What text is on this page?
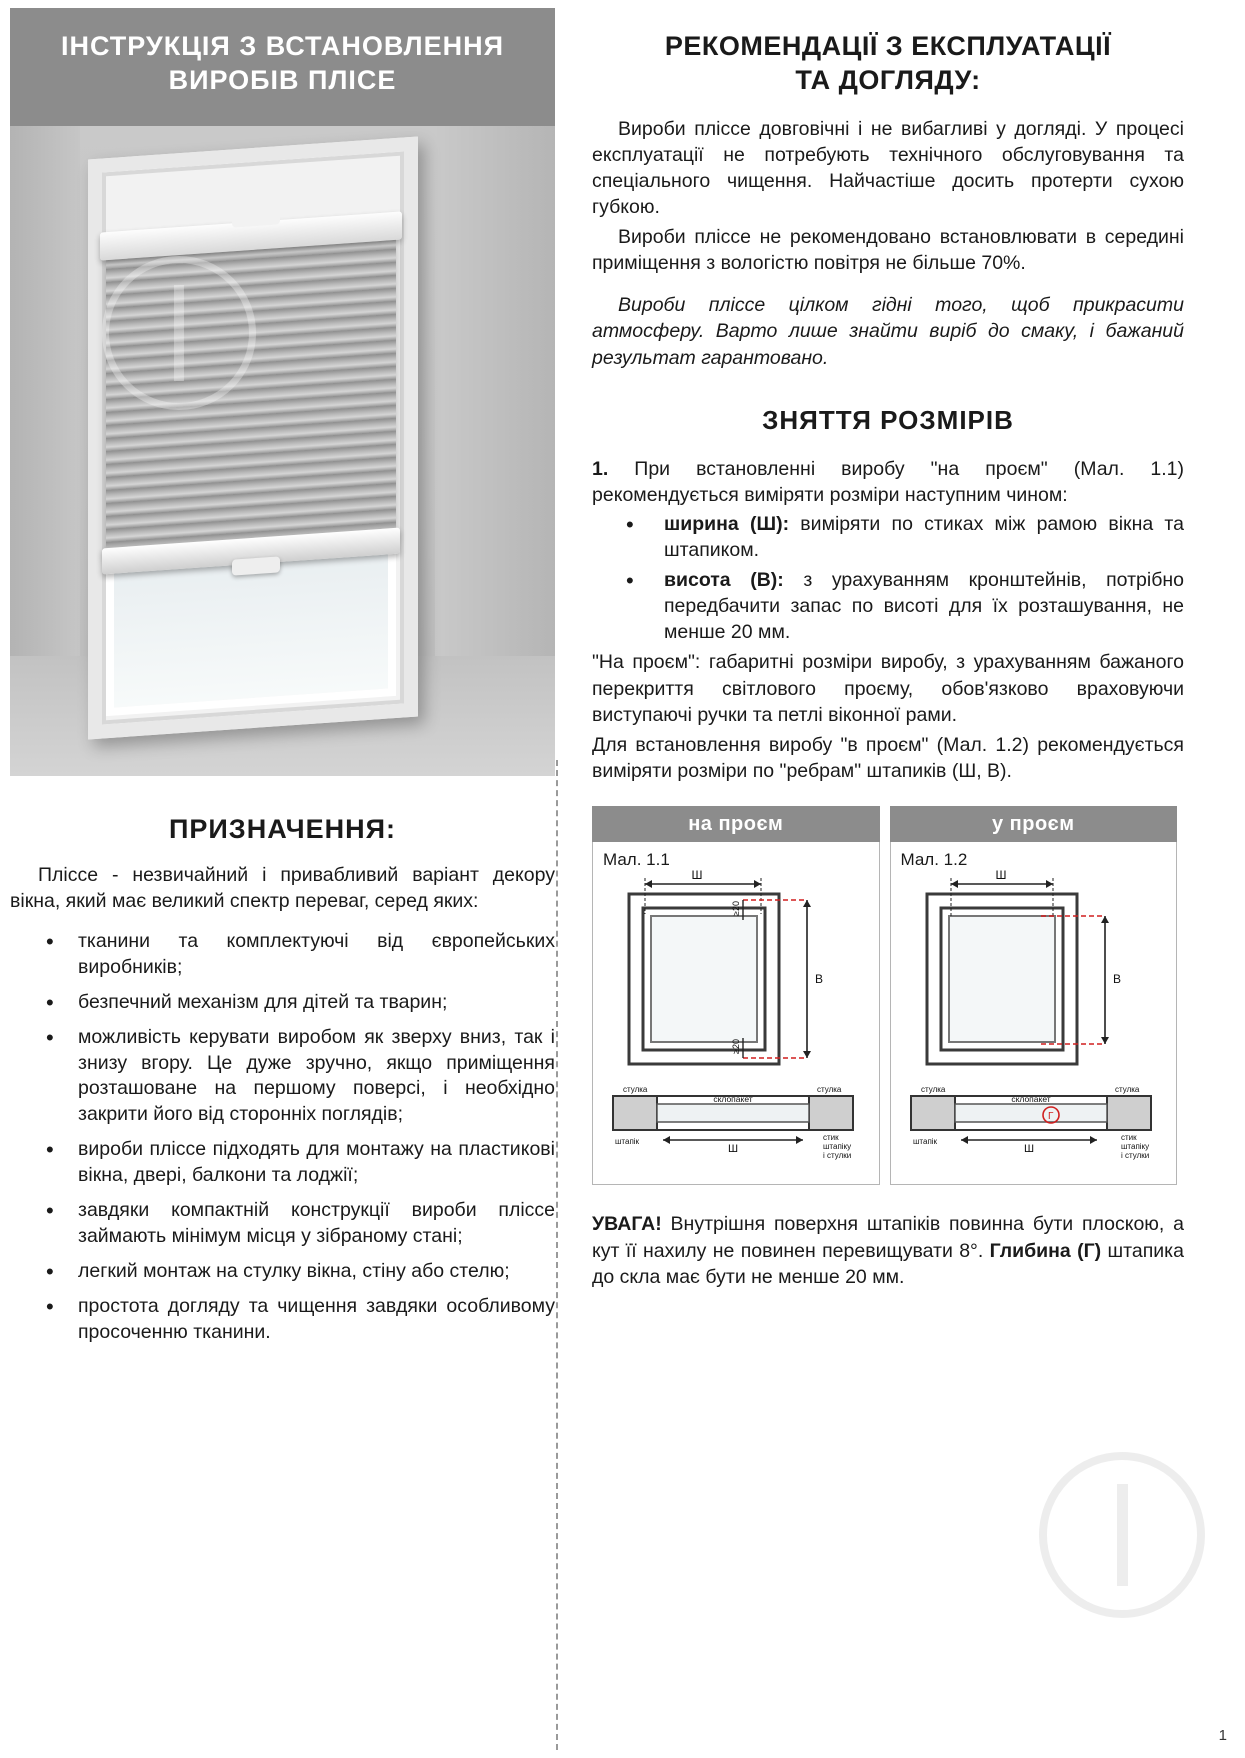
ІНСТРУКЦІЯ З ВСТАНОВЛЕННЯ
ВИРОБІВ ПЛІСЕ
ПРИЗНАЧЕННЯ:

Пліссе - незвичайний і привабливий варіант декору вікна, який має великий спектр переваг, серед яких:

• тканини та комплектуючі від європейських виробників;
• безпечний механізм для дітей та тварин;
• можливість керувати виробом як зверху вниз, так і знизу вгору. Це дуже зручно, якщо приміщення розташоване на першому поверсі, і необхідно закрити його від сторонніх поглядів;
• вироби пліссе підходять для монтажу на пластикові вікна, двері, балкони та лоджії;
• завдяки компактній конструкції вироби пліссе займають мінімум місця у зібраному стані;
• легкий монтаж на стулку вікна, стіну або стелю;
• простота догляду та чищення завдяки особливому просоченню тканини.
РЕКОМЕНДАЦІЇ З ЕКСПЛУАТАЦІЇ
ТА ДОГЛЯДУ:

Вироби пліссе довговічні і не вибагливі у догляді. У процесі експлуатації не потребують технічного обслуговування та спеціального чищення. Найчастіше досить протерти сухою губкою.

Вироби пліссе не рекомендовано встановлювати в середині приміщення з вологістю повітря не більше 70%.

Вироби пліссе цілком гідні того, щоб прикрасити атмосферу. Варто лише знайти виріб до смаку, і бажаний результат гарантовано.

ЗНЯТТЯ РОЗМІРІВ

1. При встановленні виробу "на проєм" (Мал. 1.1) рекомендується виміряти розміри наступним чином:

• ширина (Ш): виміряти по стиках між рамою вікна та штапиком.
• висота (В): з урахуванням кронштейнів, потрібно передбачити запас по висоті для їх розташування, не менше 20 мм.

"На проєм": габаритні розміри виробу, з урахуванням бажаного перекриття світлового проєму, обов'язково враховуючи виступаючі ручки та петлі віконної рами.

Для встановлення виробу "в проєм" (Мал. 1.2) рекомендується виміряти розміри по "ребрам" штапиків (Ш, В).

на проєм
Мал. 1.1
Ш
В
≥20
≥20
склопакет
стулка	стулка
штапік	стик
штапіку
і стулки
Ш
у проєм
Мал. 1.2
Ш
В
склопакет
стулка	стулка
штапік	стик
штапіку
і стулки
Ш
Г

УВАГА! Внутрішня поверхня штапіків повинна бути плоскою, а кут її нахилу не повинен перевищувати 8°. Глибина (Г) штапика до скла має бути не менше 20 мм.

1
